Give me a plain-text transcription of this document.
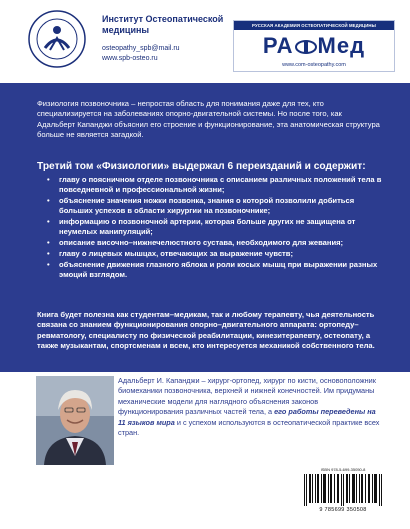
Институт Остеопатической
медицины
osteopathy_spb@mail.ru
www.spb-osteo.ru
РУССКАЯ АКАДЕМИЯ ОСТЕОПАТИЧЕСКОЙ МЕДИЦИНЫ
РА Мед
www.com-osteopathy.com
Физиология позвоночника – непростая область для понимания даже для тех, кто специализируется на заболеваниях опорно-двигательной системы. Но после того, как Адальберт Капанджи объяснил его строение и функционирование, эта анатомическая структура больше не является загадкой.
Третий том «Физиологии» выдержал 6 переизданий и содержит:
• главу о поясничном отделе позвоночника с описанием различных положений тела в повседневной и профессиональной жизни;
• объяснение значения ножки позвонка, знания о которой позволили добиться больших успехов в области хирургии на позвоночнике;
• информацию о позвоночной артерии, которая больше других не защищена от неумелых манипуляций;
• описание височно–нижнечелюстного сустава, необходимого для жевания;
• главу о лицевых мышцах, отвечающих за выражение чувств;
• объяснение движения глазного яблока и роли косых мышц при выражении разных эмоций взглядом.
Книга будет полезна как студентам–медикам, так и любому терапевту, чья деятельность связана со знанием функционирования опорно–двигательного аппарата: ортопеду–ревматологу, специалисту по физической реабилитации, кинезитерапевту, остеопату, а также музыкантам, спортсменам и всем, кто интересуется механикой собственного тела.
Адальберт И. Капанджи – хирург-ортопед, хирург по кисти, основоположник биомеханики позвоночника, верхней и нижней конечностей. Им придуманы механические модели для наглядного объяснения законов функционирования различных частей тела, а его работы переведены на 11 языков мира и с успехом используются в остеопатической практике всех стран.
ISBN 978-5-699-35050-8
9 785699 350508
